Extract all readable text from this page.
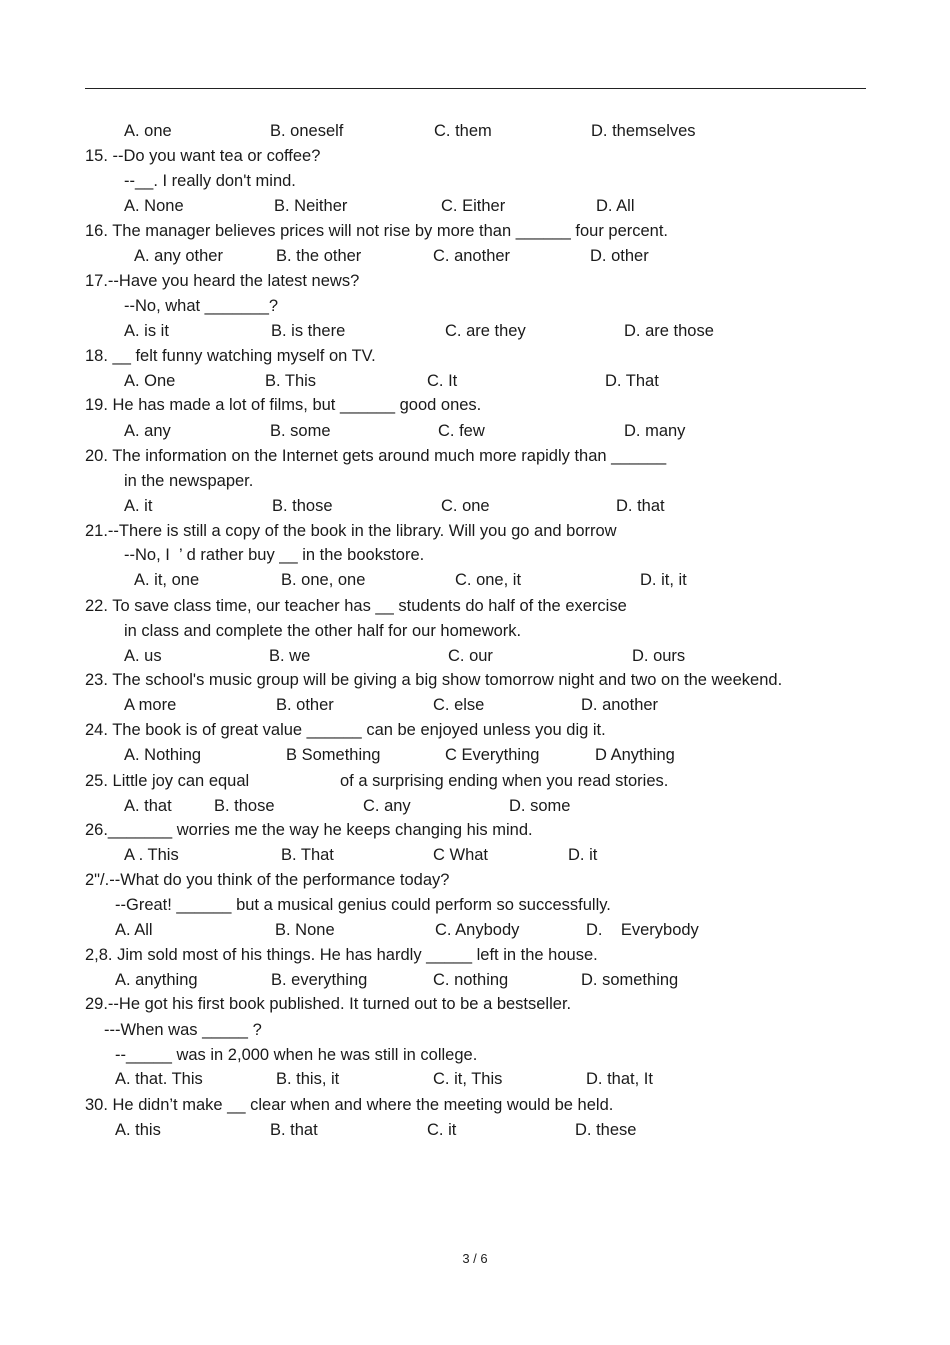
A. one	B. oneself	C. them	D. themselves
15. --Do you want tea or coffee?
--__. I really don't mind.
A. None	B. Neither	C. Either	D. All
16. The manager believes prices will not rise by more than ______ four percent.
A. any other	B. the other	C. another	D. other
17.--Have you heard the latest news?
--No, what _______?
A. is it	B. is there	C. are they	D. are those
18. __ felt funny watching myself on TV.
A. One	B. This	C. It	D. That
19. He has made a lot of films, but ______ good ones.
A. any	B. some	C. few	D. many
20. The information on the Internet gets around much more rapidly than ______
in the newspaper.
A. it	B. those	C. one	D. that
21.--There is still a copy of the book in the library. Will you go and borrow
--No, I  ’ d rather buy __ in the bookstore.
A. it, one	B. one, one	C. one, it	D. it, it
22. To save class time, our teacher has __ students do half of the exercise
in class and complete the other half for our homework.
A. us	B. we	C. our	D. ours
23. The school's music group will be giving a big show tomorrow night and two on the weekend.
A more	B. other	C. else	D. another
24. The book is of great value ______ can be enjoyed unless you dig it.
A. Nothing	B Something	C Everything	D Anything
25. Little joy can equal	of a surprising ending when you read stories.
A. that	B. those	C. any	D. some
26._______ worries me the way he keeps changing his mind.
A . This	B. That	C What	D. it
2"/.--What do you think of the performance today?
--Great! ______ but a musical genius could perform so successfully.
A. All	B. None	C. Anybody	D.    Everybody
2,8. Jim sold most of his things. He has hardly _____ left in the house.
A. anything	B. everything	C. nothing	D. something
29.--He got his first book published. It turned out to be a bestseller.
---When was _____ ?
--_____ was in 2,000 when he was still in college.
A. that. This	B. this, it	C. it, This	D. that, It
30. He didn’t make __ clear when and where the meeting would be held.
A. this	B. that	C. it	D. these
3 / 6
